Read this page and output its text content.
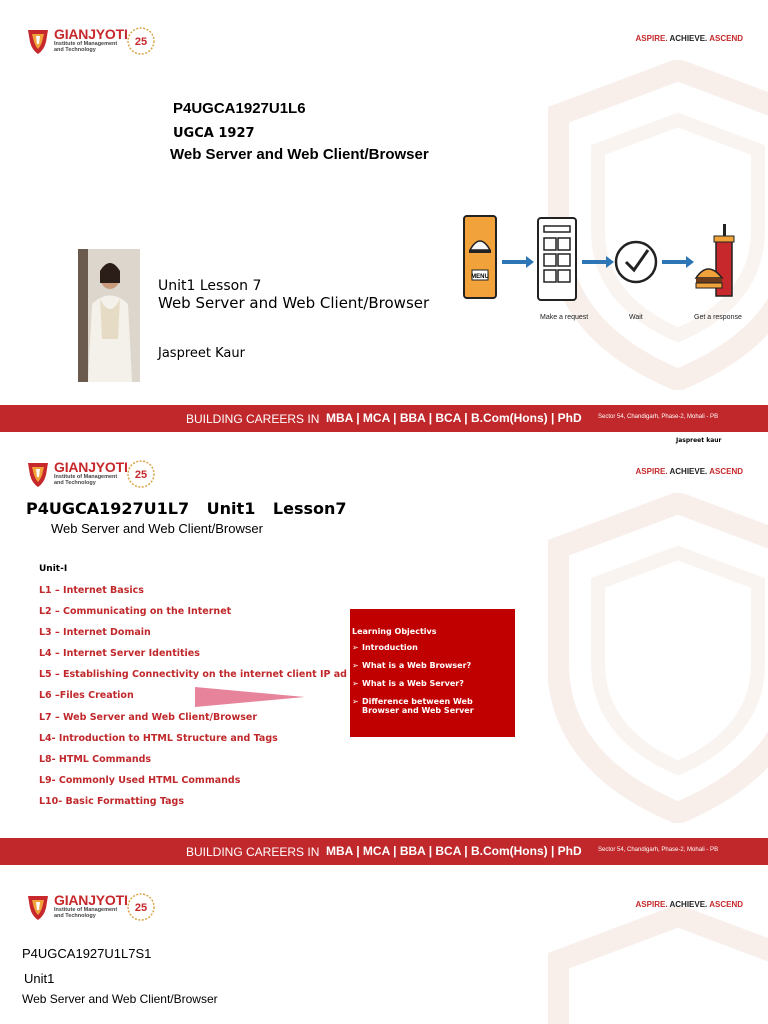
GIANJYOTI
Institute of Management
and Technology
25	ASPIRE. ACHIEVE. ASCEND
P4UGCA1927U1L6
UGCA 1927
Web Server and Web Client/Browser
Unit1 Lesson 7
Web Server and Web Client/Browser
Jaspreet Kaur
MENU
Make a request	Wait	Get a response
BUILDING CAREERS IN MBA | MCA | BBA | BCA | B.Com(Hons) | PhD	Sector 54, Chandigarh, Phase-2, Mohali - PB
GIANJYOTI
Institute of Management
and Technology
25	ASPIRE. ACHIEVE. ASCEND
P4UGCA1927U1L7 Unit1 Lesson7
Web Server and Web Client/Browser
Unit-I
L1 – Internet Basics
L2 – Communicating on the Internet
L3 – Internet Domain
L4 – Internet Server Identities
L5 – Establishing Connectivity on the internet client IP ad
L6 –Files Creation
L7 – Web Server and Web Client/Browser
L4- Introduction to HTML Structure and Tags
L8- HTML Commands
L9- Commonly Used HTML Commands
L10- Basic Formatting Tags
Learning Objectivs
➢ Introduction
➢ What is a Web Browser?
➢ What is a Web Server?
➢ Difference between Web Browser and Web Server
BUILDING CAREERS IN MBA | MCA | BBA | BCA | B.Com(Hons) | PhD	Sector 54, Chandigarh, Phase-2, Mohali - PB
Jaspreet kaur
GIANJYOTI
Institute of Management
and Technology
25	ASPIRE. ACHIEVE. ASCEND
P4UGCA1927U1L7S1
Unit1
Web Server and Web Client/Browser
